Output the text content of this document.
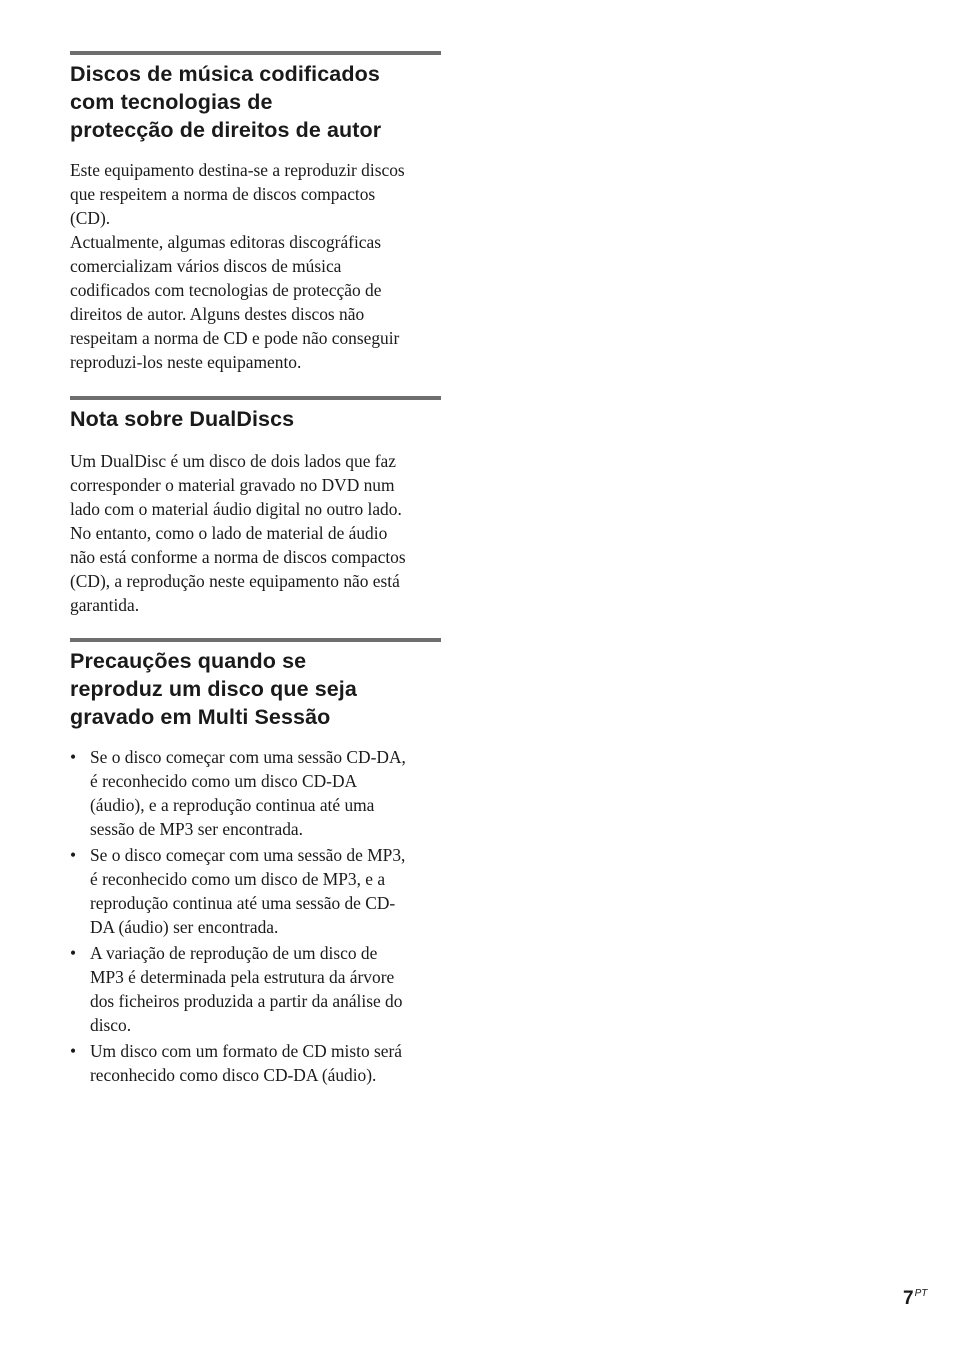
Discos de música codificados
com tecnologias de
protecção de direitos de autor

Este equipamento destina-se a reproduzir discos
que respeitem a norma de discos compactos
(CD).
Actualmente, algumas editoras discográficas
comercializam vários discos de música
codificados com tecnologias de protecção de
direitos de autor. Alguns destes discos não
respeitam a norma de CD e pode não conseguir
reproduzi-los neste equipamento.

Nota sobre DualDiscs

Um DualDisc é um disco de dois lados que faz
corresponder o material gravado no DVD num
lado com o material áudio digital no outro lado.
No entanto, como o lado de material de áudio
não está conforme a norma de discos compactos
(CD), a reprodução neste equipamento não está
garantida.

Precauções quando se
reproduz um disco que seja
gravado em Multi Sessão
• Se o disco começar com uma sessão CD-DA,
é reconhecido como um disco CD-DA
(áudio), e a reprodução continua até uma
sessão de MP3 ser encontrada.
• Se o disco começar com uma sessão de MP3,
é reconhecido como um disco de MP3, e a
reprodução continua até uma sessão de CD-
DA (áudio) ser encontrada.
• A variação de reprodução de um disco de
MP3 é determinada pela estrutura da árvore
dos ficheiros produzida a partir da análise do
disco.
• Um disco com um formato de CD misto será
reconhecido como disco CD-DA (áudio).
$7^{PT}$
